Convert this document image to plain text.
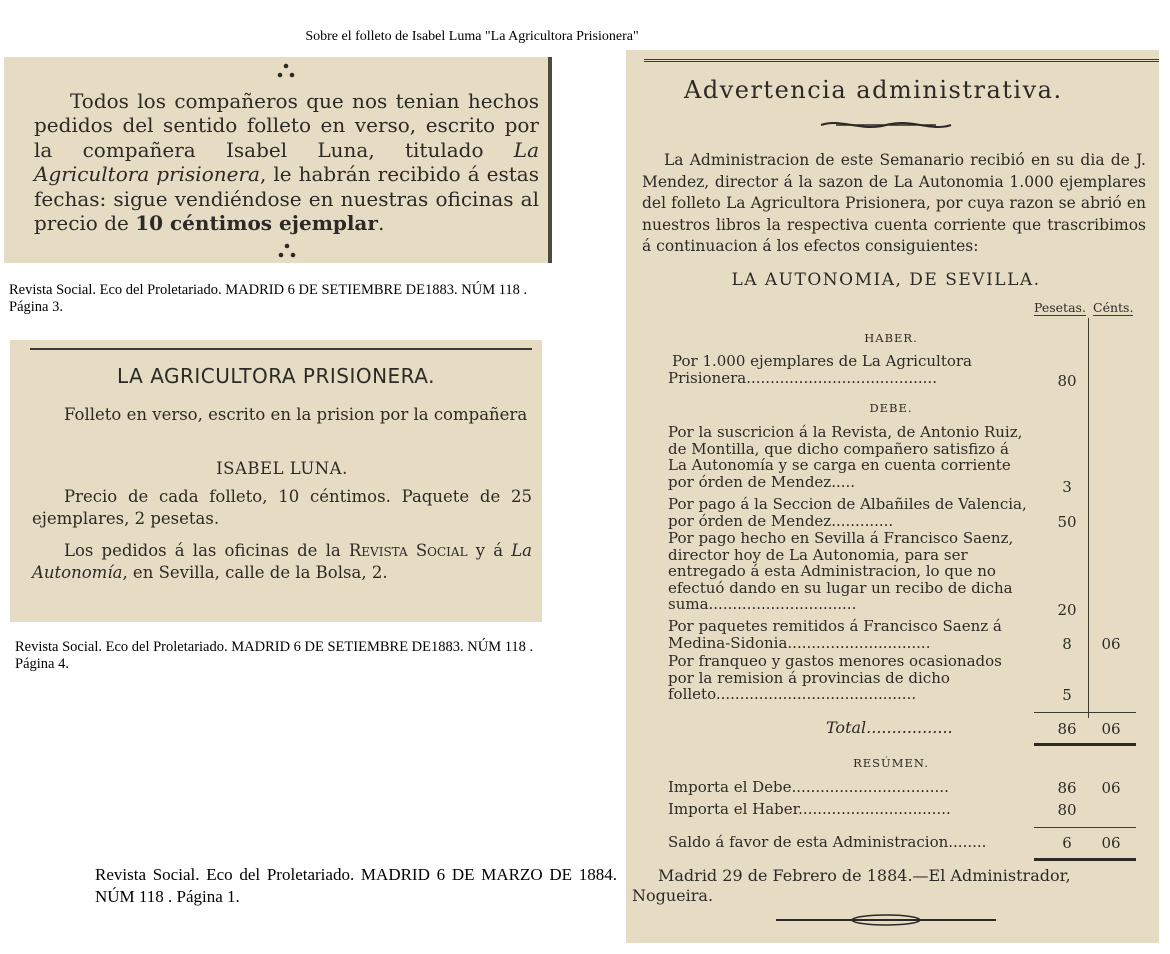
Sobre el folleto de Isabel Luma "La Agricultora Prisionera"
Todos los compañeros que nos tenian hechos pedidos del sentido folleto en verso, escrito por la compañera Isabel Luna, titulado La Agricultora prisionera, le habrán recibido á estas fechas: sigue vendiéndose en nuestras oficinas al precio de 10 céntimos ejemplar.
Revista Social. Eco del Proletariado. MADRID 6 DE SETIEMBRE DE1883. NÚM 118 . Página 3.
LA AGRICULTORA PRISIONERA.
Folleto en verso, escrito en la prision por la compañera
ISABEL LUNA.
Precio de cada folleto, 10 céntimos. Paquete de 25 ejemplares, 2 pesetas.
Los pedidos á las oficinas de la Revista Social y á La Autonomía, en Sevilla, calle de la Bolsa, 2.
Revista Social. Eco del Proletariado. MADRID 6 DE SETIEMBRE DE1883. NÚM 118 . Página 4.
Revista Social. Eco del Proletariado. MADRID 6 DE MARZO DE 1884. NÚM 118 . Página 1.
Advertencia administrativa.
La Administracion de este Semanario recibió en su dia de J. Mendez, director á la sazon de La Autonomia 1.000 ejemplares del folleto La Agricultora Prisionera, por cuya razon se abrió en nuestros libros la respectiva cuenta corriente que trascribimos á continuacion á los efectos consiguientes:
LA AUTONOMIA, DE SEVILLA.
Pesetas. Cénts.
HABER.
Por 1.000 ejemplares de La Agricultora Prisionera........................................	80
DEBE.
Por la suscricion á la Revista, de Antonio Ruiz, de Montilla, que dicho compañero satisfizo á La Autonomía y se carga en cuenta corriente por órden de Mendez.....	3
Por pago á la Seccion de Albañiles de Valencia, por órden de Mendez.............	50
Por pago hecho en Sevilla á Francisco Saenz, director hoy de La Autonomia, para ser entregado á esta Administracion, lo que no efectuó dando en su lugar un recibo de dicha suma...............................	20
Por paquetes remitidos á Francisco Saenz á Medina-Sidonia..............................	8	06
Por franqueo y gastos menores ocasionados por la remision á provincias de dicho folleto..........................................	5
Total.................	86	06
RESÚMEN.
Importa el Debe.................................	86	06
Importa el Haber................................	80
Saldo á favor de esta Administracion........	6	06
Madrid 29 de Febrero de 1884.—El Administrador, Nogueira.
